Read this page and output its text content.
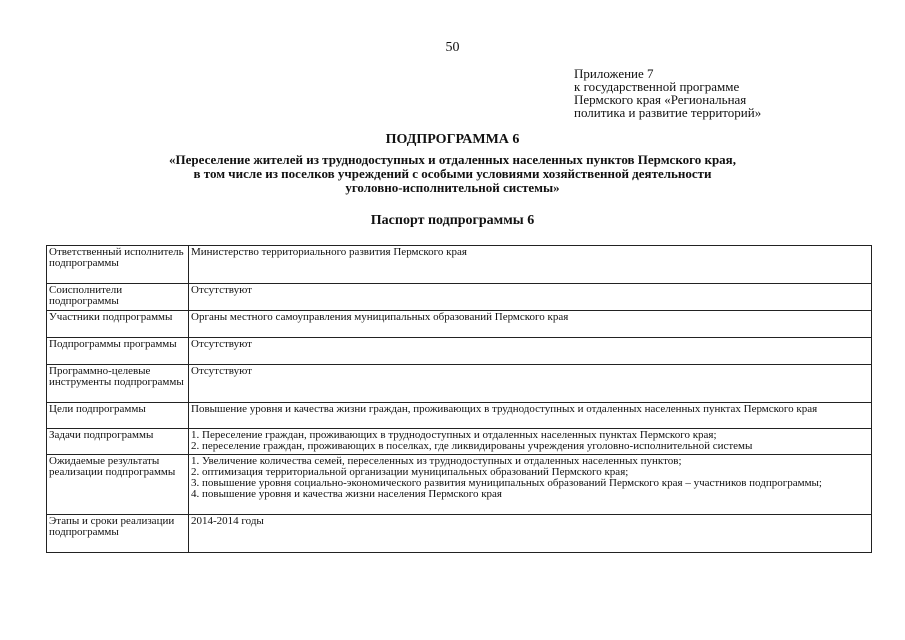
50
Приложение 7
к государственной программе
Пермского края «Региональная
политика и развитие территорий»
ПОДПРОГРАММА 6
«Переселение жителей из труднодоступных и отдаленных населенных пунктов Пермского края,
в том числе из поселков учреждений с особыми условиями хозяйственной деятельности
уголовно-исполнительной системы»
Паспорт подпрограммы 6
Ответственный исполнитель подпрограммы	Министерство территориального развития Пермского края

Соисполнители подпрограммы	Отсутствуют

Участники подпрограммы	Органы местного самоуправления муниципальных образований Пермского края

Подпрограммы программы	Отсутствуют

Программно-целевые инструменты подпрограммы	Отсутствуют

Цели подпрограммы	Повышение уровня и качества жизни граждан, проживающих в труднодоступных и отдаленных населенных пунктах Пермского края

Задачи подпрограммы	1. Переселение граждан, проживающих в труднодоступных и отдаленных населенных пунктах Пермского края;
2. переселение граждан, проживающих в поселках, где ликвидированы учреждения уголовно-исполнительной системы

Ожидаемые результаты реализации подпрограммы	1. Увеличение количества семей, переселенных из труднодоступных и отдаленных населенных пунктов;
2. оптимизация территориальной организации муниципальных образований Пермского края;
3. повышение уровня социально-экономического развития муниципальных образований Пермского края – участников подпрограммы;
4. повышение уровня и качества жизни населения Пермского края

Этапы и сроки реализации подпрограммы	2014-2014 годы
